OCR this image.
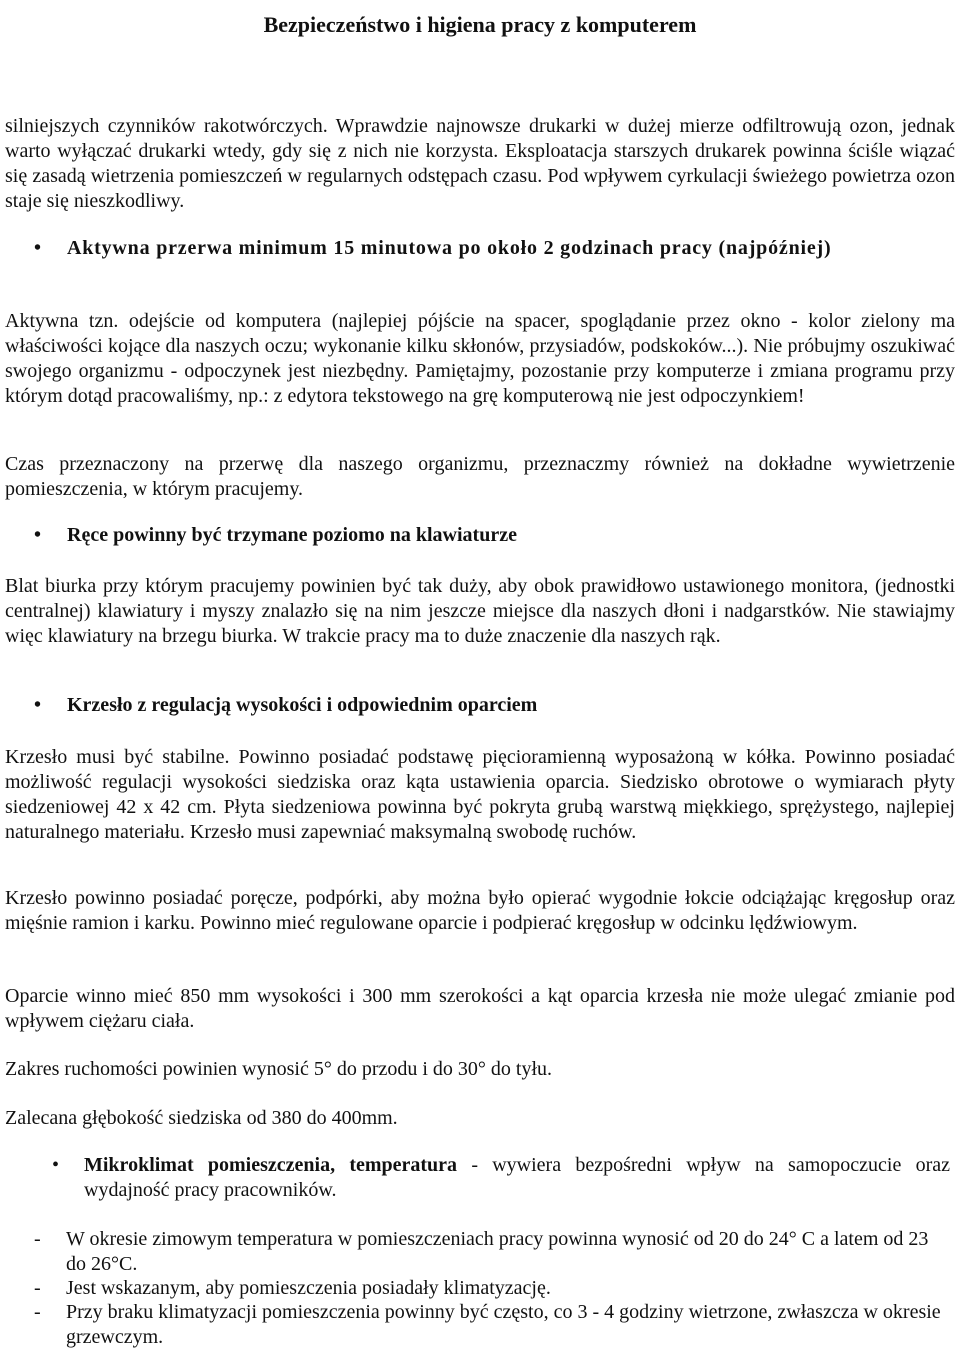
Bezpieczeństwo i higiena pracy z komputerem

silniejszych czynników rakotwórczych. Wprawdzie najnowsze drukarki w dużej mierze odfiltrowują ozon, jednak warto wyłączać drukarki wtedy, gdy się z nich nie korzysta. Eksploatacja starszych drukarek powinna ściśle wiązać się zasadą wietrzenia pomieszczeń w regularnych odstępach czasu. Pod wpływem cyrkulacji świeżego powietrza ozon staje się nieszkodliwy.

• Aktywna przerwa minimum 15 minutowa po około 2 godzinach pracy (najpóźniej)

Aktywna tzn. odejście od komputera (najlepiej pójście na spacer, spoglądanie przez okno - kolor zielony ma właściwości kojące dla naszych oczu; wykonanie kilku skłonów, przysiadów, podskoków...). Nie próbujmy oszukiwać swojego organizmu - odpoczynek jest niezbędny. Pamiętajmy, pozostanie przy komputerze i zmiana programu przy którym dotąd pracowaliśmy, np.: z edytora tekstowego na grę komputerową nie jest odpoczynkiem!

Czas przeznaczony na przerwę dla naszego organizmu, przeznaczmy również na dokładne wywietrzenie pomieszczenia, w którym pracujemy.

• Ręce powinny być trzymane poziomo na klawiaturze

Blat biurka przy którym pracujemy powinien być tak duży, aby obok prawidłowo ustawionego monitora, (jednostki centralnej) klawiatury i myszy znalazło się na nim jeszcze miejsce dla naszych dłoni i nadgarstków. Nie stawiajmy więc klawiatury na brzegu biurka. W trakcie pracy ma to duże znaczenie dla naszych rąk.

• Krzesło z regulacją wysokości i odpowiednim oparciem

Krzesło musi być stabilne. Powinno posiadać podstawę pięcioramienną wyposażoną w kółka. Powinno posiadać możliwość regulacji wysokości siedziska oraz kąta ustawienia oparcia. Siedzisko obrotowe o wymiarach płyty siedzeniowej 42 x 42 cm. Płyta siedzeniowa powinna być pokryta grubą warstwą miękkiego, sprężystego, najlepiej naturalnego materiału. Krzesło musi zapewniać maksymalną swobodę ruchów.

Krzesło powinno posiadać poręcze, podpórki, aby można było opierać wygodnie łokcie odciążając kręgosłup oraz mięśnie ramion i karku. Powinno mieć regulowane oparcie i podpierać kręgosłup w odcinku lędźwiowym.

Oparcie winno mieć 850 mm wysokości i 300 mm szerokości a kąt oparcia krzesła nie może ulegać zmianie pod wpływem ciężaru ciała.

Zakres ruchomości powinien wynosić 5° do przodu i do 30° do tyłu.

Zalecana głębokość siedziska od 380 do 400mm.

• Mikroklimat pomieszczenia, temperatura - wywiera bezpośredni wpływ na samopoczucie oraz wydajność pracy pracowników.
- W okresie zimowym temperatura w pomieszczeniach pracy powinna wynosić od 20 do 24° C a latem od 23 do 26°C.
- Jest wskazanym, aby pomieszczenia posiadały klimatyzację.
- Przy braku klimatyzacji pomieszczenia powinny być często, co 3 - 4 godziny wietrzone, zwłaszcza w okresie grzewczym.
